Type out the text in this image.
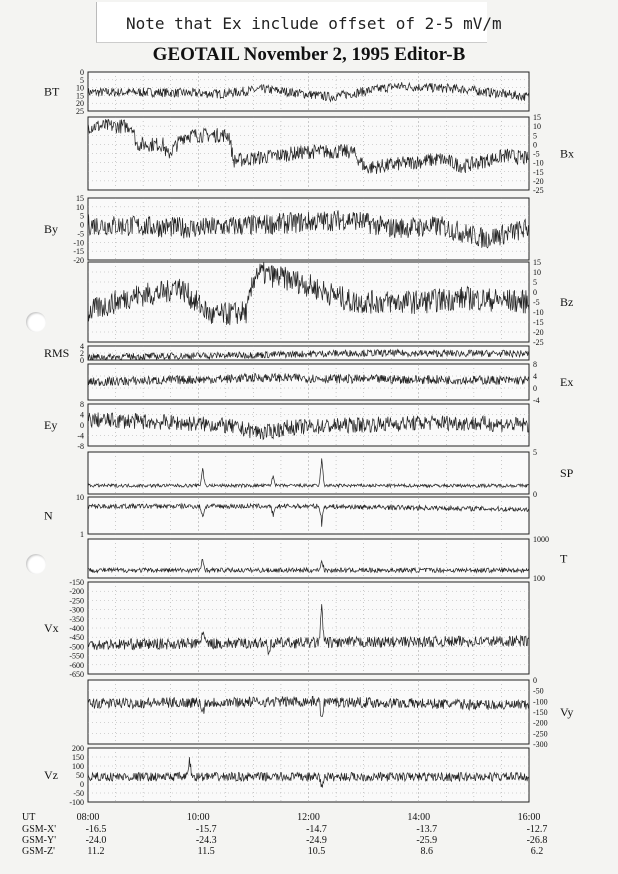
Note that Ex include offset of 2-5 mV/m
GEOTAIL November 2, 1995 Editor-B
0
5
10
15
20
25
BT
15
10
5
0
-5
-10
-15
-20
-25
Bx
15
10
5
0
-5
-10
-15
-20
By
15
10
5
0
-5
-10
-15
-20
-25
Bz
4
2
0
RMS
8
4
0
-4
Ex
8
4
0
-4
-8
Ey
5
0
SP
10
1
N
1000
100
T
-150
-200
-250
-300
-350
-400
-450
-500
-550
-600
-650
Vx
0
-50
-100
-150
-200
-250
-300
Vy
200
150
100
50
0
-50
-100
Vz
UT
GSM-X'
GSM-Y'
GSM-Z'
08:00
-16.5
-24.0
11.2
10:00
-15.7
-24.3
11.5
12:00
-14.7
-24.9
10.5
14:00
-13.7
-25.9
8.6
16:00
-12.7
-26.8
6.2
